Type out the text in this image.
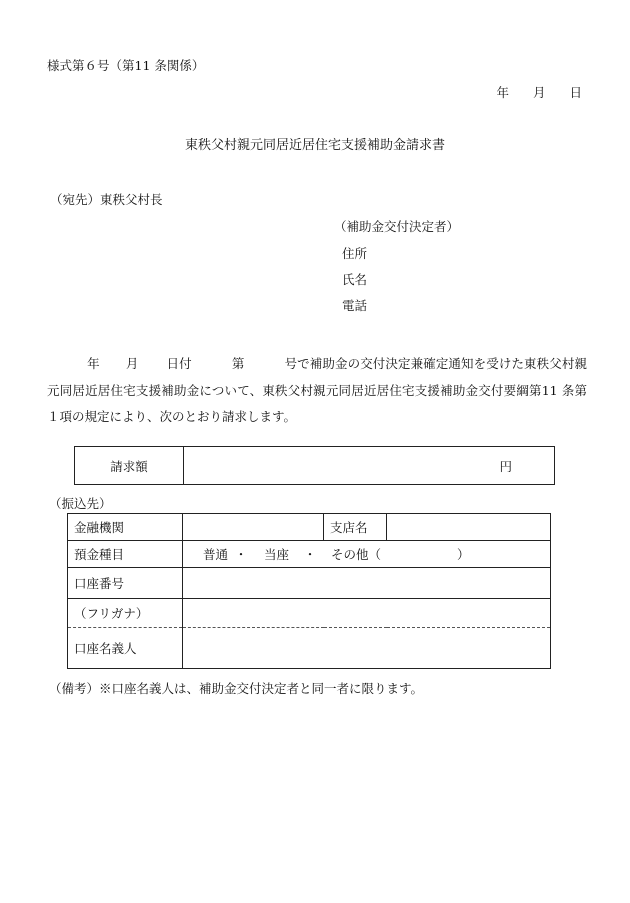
様式第６号（第11 条関係）
年 月 日
東秩父村親元同居近居住宅支援補助金請求書
（宛先）東秩父村長
（補助金交付決定者）
住所
氏名
電話
年 月 日付	第	号で補助金の交付決定兼確定通知を受けた東秩父村親元同居近居住宅支援補助金について、東秩父村親元同居近居住宅支援補助金交付要綱第11 条第１項の規定により、次のとおり請求します。
請求額	円
（振込先）
金融機関		支店名	
預金種目	普通 ・ 当座 ・ その他（ ）		
口座番号			
（フリガナ）			
口座名義人			
（備考）※口座名義人は、補助金交付決定者と同一者に限ります。
